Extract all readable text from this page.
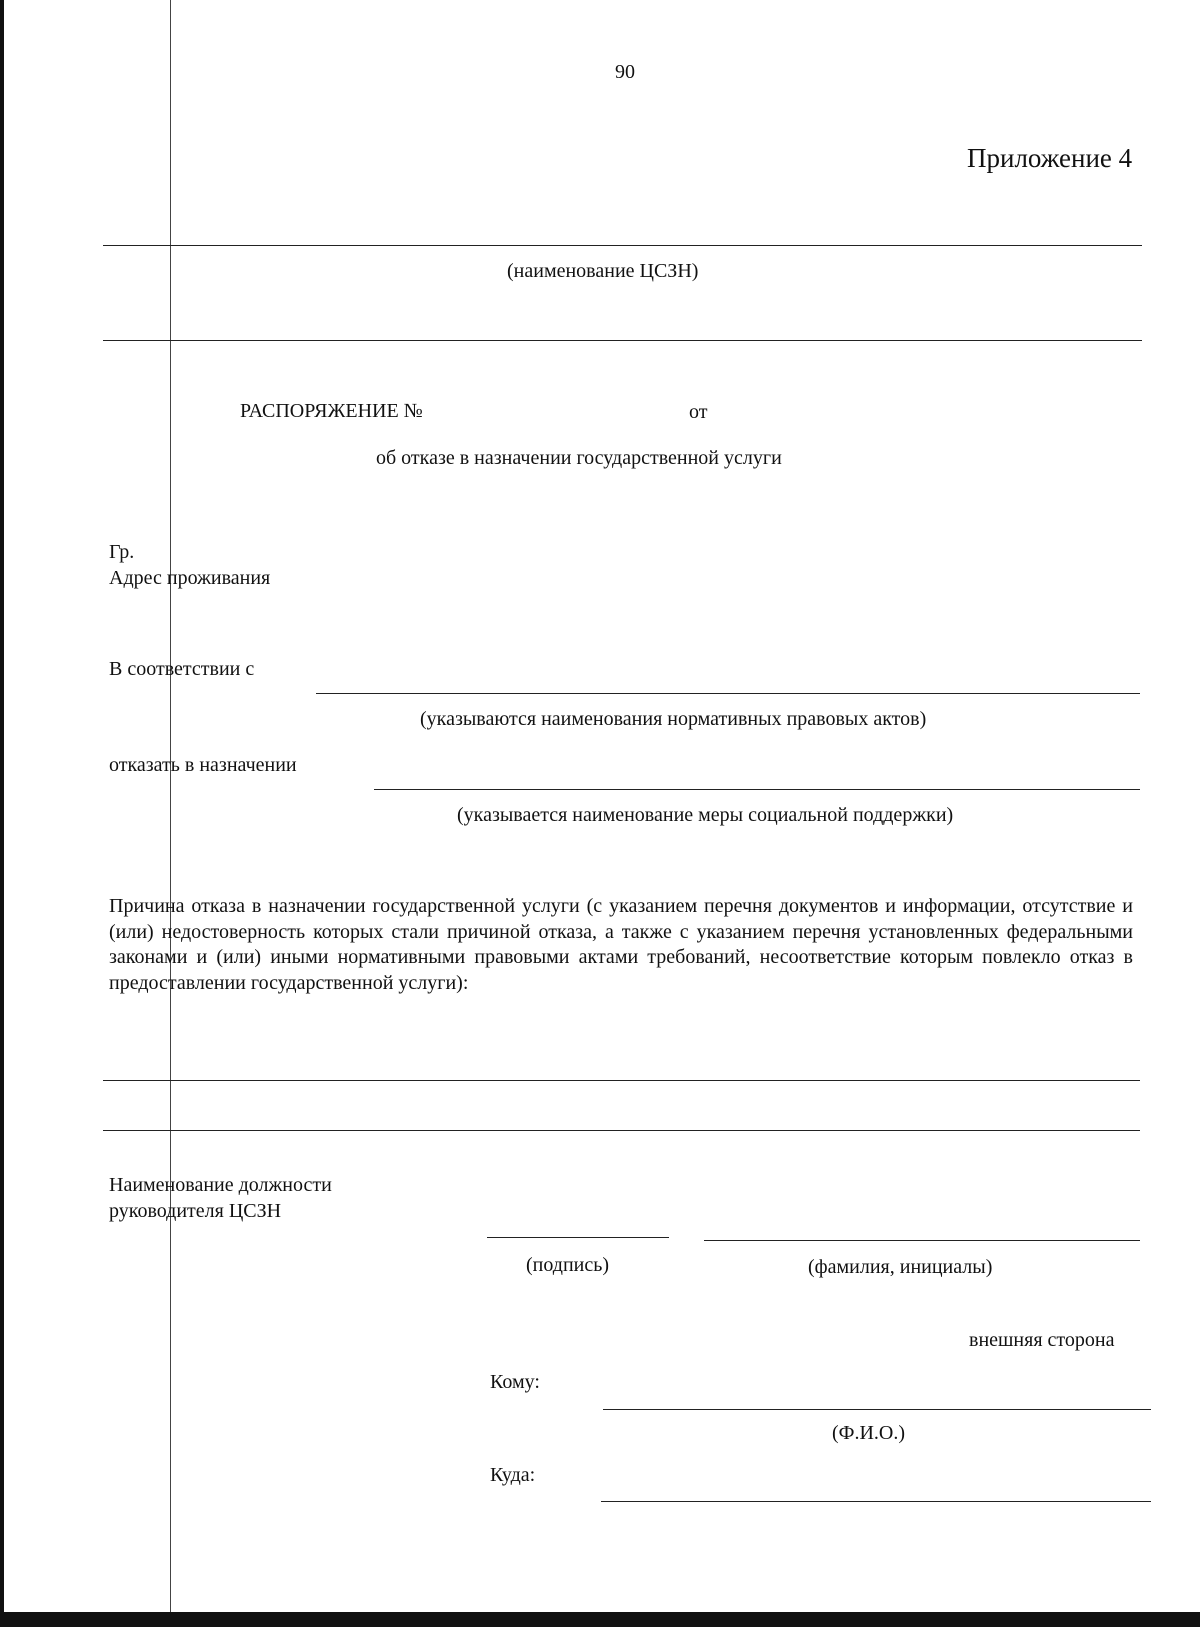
90
Приложение 4
(наименование ЦСЗН)
РАСПОРЯЖЕНИЕ №	от
об отказе в назначении государственной услуги
Гр.
Адрес проживания
В соответствии с
(указываются наименования нормативных правовых актов)
отказать в назначении
(указывается наименование меры социальной поддержки)
Причина отказа в назначении государственной услуги (с указанием перечня документов и информации, отсутствие и (или) недостоверность которых стали причиной отказа, а также с указанием перечня установленных федеральными законами и (или) иными нормативными правовыми актами требований, несоответствие которым повлекло отказ в предоставлении государственной услуги):
Наименование должности
руководителя ЦСЗН
(подпись)	(фамилия, инициалы)
внешняя сторона
Кому:
(Ф.И.О.)
Куда:
